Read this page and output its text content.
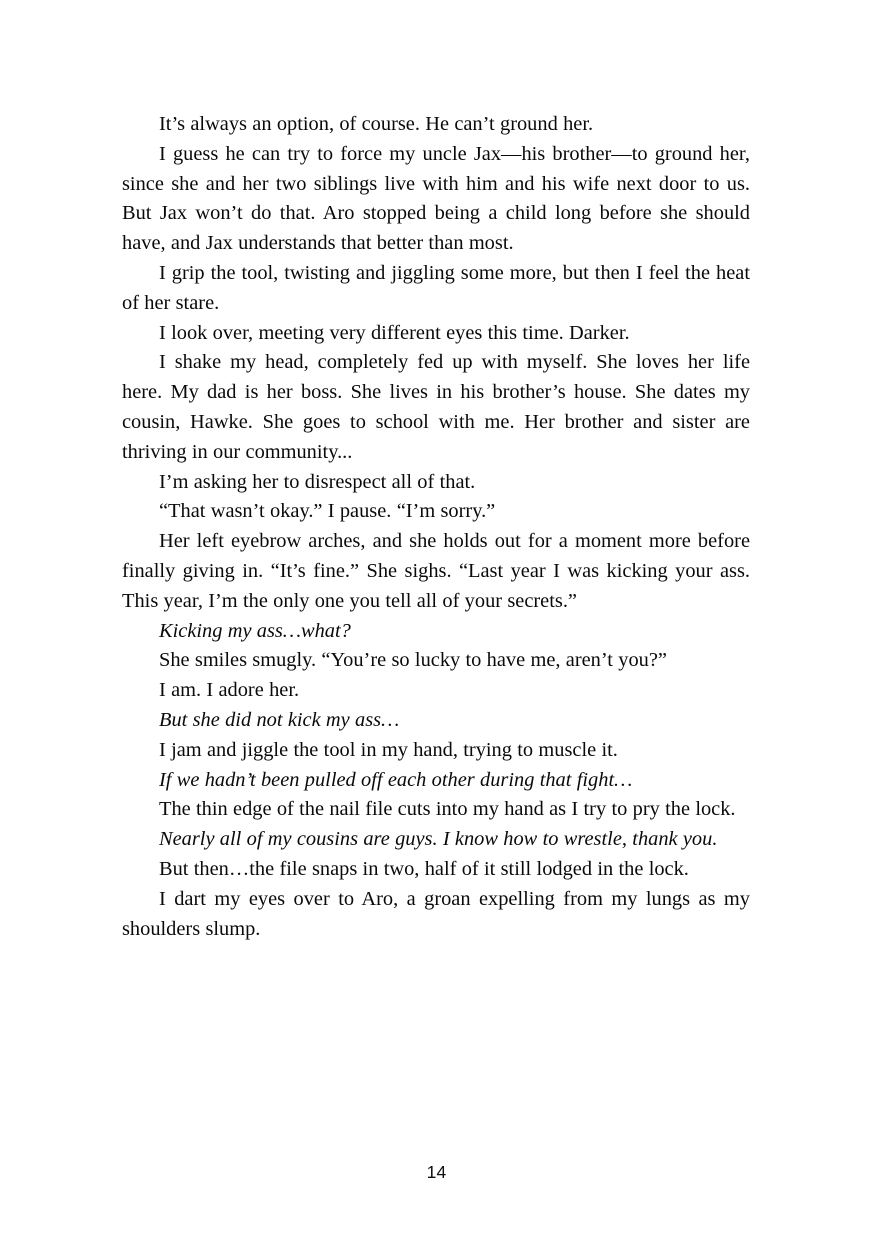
It’s always an option, of course. He can’t ground her.

I guess he can try to force my uncle Jax—his brother—to ground her, since she and her two siblings live with him and his wife next door to us. But Jax won’t do that. Aro stopped being a child long before she should have, and Jax understands that better than most.

I grip the tool, twisting and jiggling some more, but then I feel the heat of her stare.

I look over, meeting very different eyes this time. Darker.

I shake my head, completely fed up with myself. She loves her life here. My dad is her boss. She lives in his brother’s house. She dates my cousin, Hawke. She goes to school with me. Her brother and sister are thriving in our community...

I’m asking her to disrespect all of that.

“That wasn’t okay.” I pause. “I’m sorry.”

Her left eyebrow arches, and she holds out for a moment more before finally giving in. “It’s fine.” She sighs. “Last year I was kicking your ass. This year, I’m the only one you tell all of your secrets.”

Kicking my ass…what?

She smiles smugly. “You’re so lucky to have me, aren’t you?”

I am. I adore her.

But she did not kick my ass…

I jam and jiggle the tool in my hand, trying to muscle it.

If we hadn’t been pulled off each other during that fight…

The thin edge of the nail file cuts into my hand as I try to pry the lock.

Nearly all of my cousins are guys. I know how to wrestle, thank you.

But then…the file snaps in two, half of it still lodged in the lock.

I dart my eyes over to Aro, a groan expelling from my lungs as my shoulders slump.

14
